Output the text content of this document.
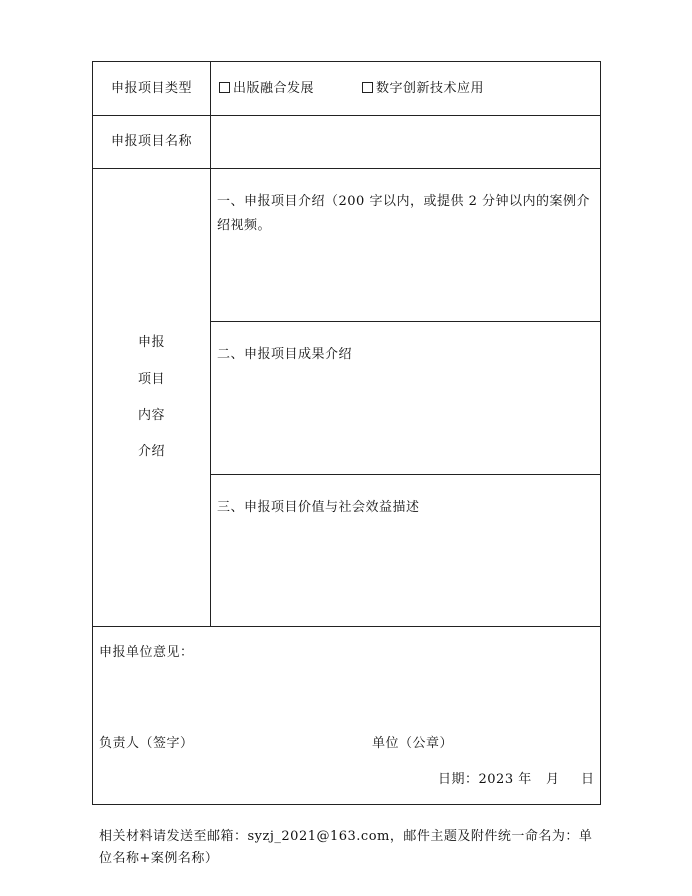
申报项目类型	出版融合发展	数字创新技术应用
申报项目名称
申报
项目
内容
介绍
一、申报项目介绍（200 字以内，或提供 2 分钟以内的案例介绍视频。
二、申报项目成果介绍
三、申报项目价值与社会效益描述
申报单位意见：
负责人（签字）	单位（公章）
日期：2023 年 月 日
相关材料请发送至邮箱：syzj_2021@163.com，邮件主题及附件统一命名为：单位名称+案例名称）
